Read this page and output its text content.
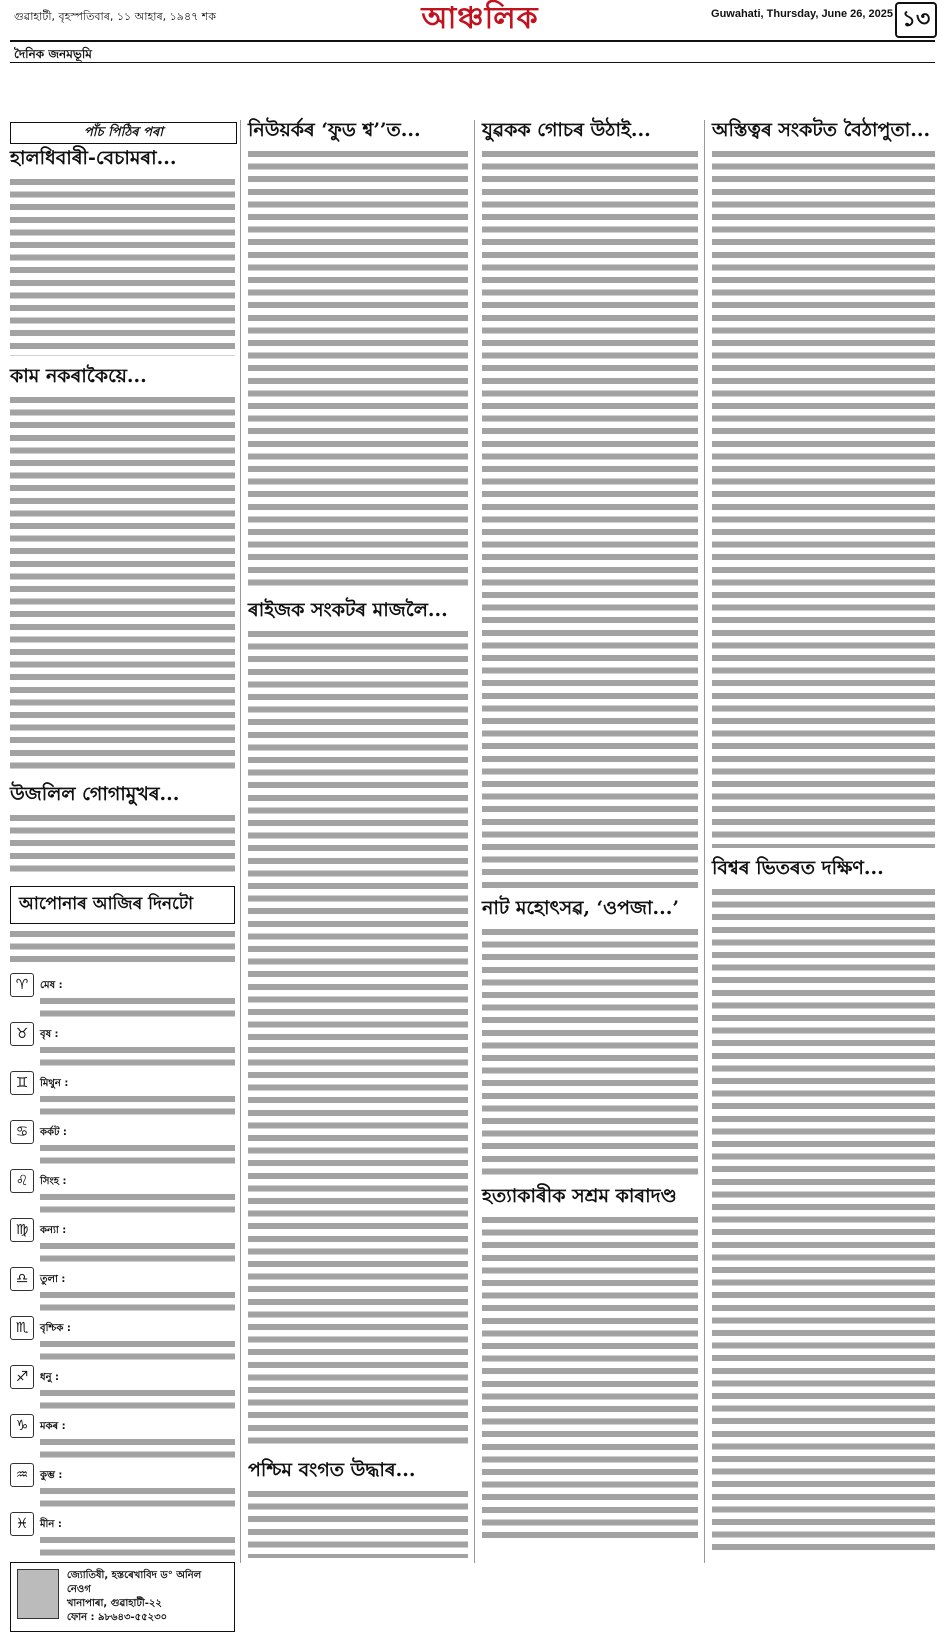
গুৱাহাটী, বৃহস্পতিবাৰ, ১১ আহাৰ, ১৯৪৭ শক	আঞ্চলিক	Guwahati, Thursday, June 26, 2025 ১৩
দৈনিক জনমভূমি
পাঁচ পিঠিৰ পৰা
হালধিবাৰী-বেচামৰা...
কাম নকৰাকৈয়ে...
উজলিল গোগামুখৰ...
আপোনাৰ আজিৰ দিনটো
♈	মেষ :
♉	বৃষ :
♊	মিথুন :
♋	কৰ্কট :
♌	সিংহ :
♍	কন্যা :
♎	তুলা :
♏	বৃশ্চিক :
♐	ধনু :
♑	মকৰ :
♒	কুম্ভ :
♓	মীন :
জ্যোতিষী, হস্তৰেখাবিদ ড° অনিল নেওগ
খানাপাৰা, গুৱাহাটী-২২
ফোন : ৯৮৬৪৩-৫৫২৩০
নিউয়ৰ্কৰ ‘ফুড শ্ব’’ত...
ৰাইজক সংকটৰ মাজলৈ...
পশ্চিম বংগত উদ্ধাৰ...
যুৱকক গোচৰ উঠাই...
নাট মহোৎসৱ, ‘ওপজা...’
হত্যাকাৰীক সশ্ৰম কাৰাদণ্ড
অস্তিত্বৰ সংকটত বৈঠাপুতা...
বিশ্বৰ ভিতৰত দক্ষিণ...
